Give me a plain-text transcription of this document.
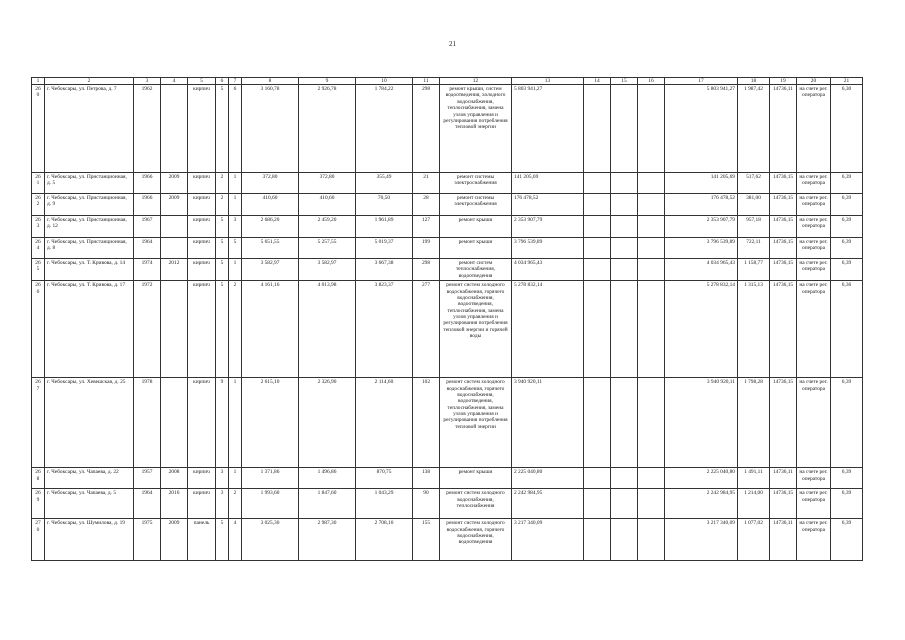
21
1	2	3	4	5	6	7	8	9	10	11	12	13	14	15	16	17	18	19	20	21
260	г. Чебоксары, ул. Петрова, д. 7	1962		кирпич	5	6	3 160,78	2 926,78	1 784,22	298	ремонт крыши, систем водоотведения, холодного водоснабжения, теплоснабжения, замена узлов управления и регулирования потребления тепловой энергии	5 803 941,27				5 803 941,27	1 987,42	14736,11	на счете рег. оператора	6,30
261	г. Чебоксары, ул. Пристанционная, д. 5	1966	2009	кирпич	2	1	372,80	372,80	355,49	21	ремонт системы электроснабжения	141 205,69				141 205,69	517,62	14736,15	на счете рег. оператора	6,39
262	г. Чебоксары, ул. Пристанционная, д. 9	1966	2009	кирпич	2	1	410,60	410,60	70,50	28	ремонт системы электроснабжения	176 478,52				176 478,52	381,00	14736,15	на счете рег. оператора	6,39
263	г. Чебоксары, ул. Пристанционная, д. 12	1967		кирпич	5	3	2 686,20	2 459,20	1 961,89	127	ремонт крыши	2 353 907,79				2 353 907,79	957,18	14736,15	на счете рег. оператора	6,39
264	г. Чебоксары, ул. Пристанционная, д. 8	1964		кирпич	5	5	5 651,55	5 257,55	5 019,37	199	ремонт крыши	3 796 539,89				3 796 539,89	722,11	14736,15	на счете рег. оператора	6,39
265	г. Чебоксары, ул. Т. Кривова, д. 14	1974	2012	кирпич	5	1	3 582,97	3 582,97	3 667,38	298	ремонт систем теплоснабжения, водоотведения	4 034 965,43				4 034 965,43	1 158,77	14736,15	на счете рег. оператора	6,39
266	г. Чебоксары, ул. Т. Кривова, д. 17	1972		кирпич	5	2	4 161,16	4 013,98	3 823,37	277	ремонт систем холодного водоснабжения, горячего водоснабжения, водоотведения, теплоснабжения, замена узлов управления и регулирования потребления тепловой энергии и горячей воды	5 278 832,14				5 278 832,14	1 315,13	14736,15	на счете рег. оператора	6,36
267	г. Чебоксары, ул. Хевешская, д. 25	1978		кирпич	9	1	2 615,10	2 326,90	2 114,60	102	ремонт систем холодного водоснабжения, горячего водоснабжения, водоотведения, теплоснабжения, замена узлов управления и регулирования потребления тепловой энергии	3 940 920,11				3 940 920,11	1 798,28	14736,15	на счете рег. оператора	6,39
268	г. Чебоксары, ул. Чапаева, д. 22	1957	2008	кирпич	3	1	1 371,86	1 496,86	870,75	138	ремонт крыши	2 225 040,80				2 225 040,80	1 491,11	14736,11	на счете рег. оператора	6,39
269	г. Чебоксары, ул. Чапаева, д. 5	1964	2016	кирпич	3	2	1 993,60	1 847,60	1 043,29	90	ремонт систем холодного водоснабжения, теплоснабжения	2 242 984,95				2 242 984,95	1 214,00	14736,15	на счете рег. оператора	6,39
270	г. Чебоксары, ул. Шумилова, д. 19	1975	2009	панель	5	4	3 025,30	2 987,30	2 708,10	155	ремонт систем холодного водоснабжения, горячего водоснабжения, водоотведения	3 217 340,09				3 217 340,09	1 077,02	14736,11	на счете рег. оператора	6,39
